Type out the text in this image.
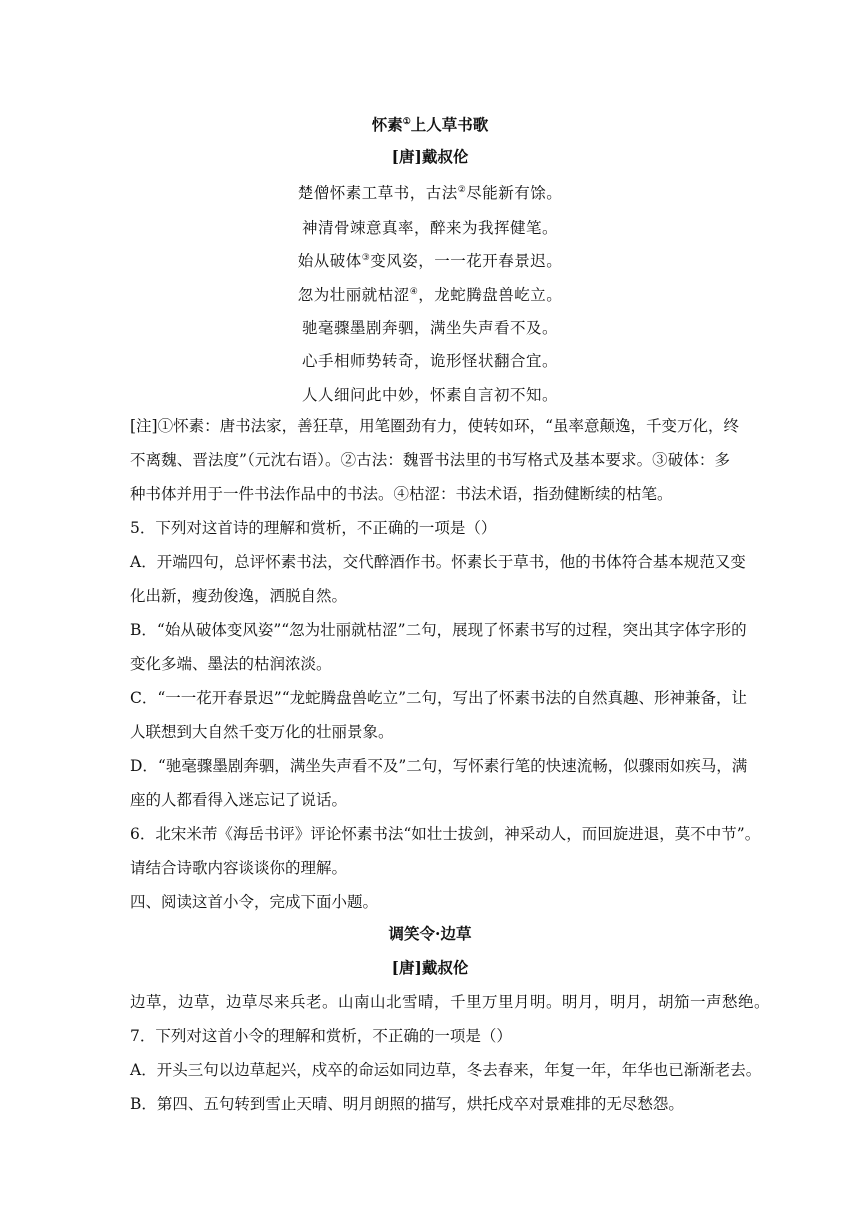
怀素①上人草书歌
[唐]戴叔伦
楚僧怀素工草书，古法②尽能新有馀。
神清骨竦意真率，醉来为我挥健笔。
始从破体③变风姿，一一花开春景迟。
忽为壮丽就枯涩④，龙蛇腾盘兽屹立。
驰毫骤墨剧奔驷，满坐失声看不及。
心手相师势转奇，诡形怪状翻合宜。
人人细问此中妙，怀素自言初不知。
[注]①怀素：唐书法家，善狂草，用笔圈劲有力，使转如环，“虽率意颠逸，千变万化，终
不离魏、晋法度”（元沈右语）。②古法：魏晋书法里的书写格式及基本要求。③破体：多
种书体并用于一件书法作品中的书法。④枯涩：书法术语，指劲健断续的枯笔。
5．下列对这首诗的理解和赏析，不正确的一项是（）
A．开端四句，总评怀素书法，交代醉酒作书。怀素长于草书，他的书体符合基本规范又变
化出新，瘦劲俊逸，洒脱自然。
B．“始从破体变风姿”“忽为壮丽就枯涩”二句，展现了怀素书写的过程，突出其字体字形的
变化多端、墨法的枯润浓淡。
C．“一一花开春景迟”“龙蛇腾盘兽屹立”二句，写出了怀素书法的自然真趣、形神兼备，让
人联想到大自然千变万化的壮丽景象。
D．“驰毫骤墨剧奔驷，满坐失声看不及”二句，写怀素行笔的快速流畅，似骤雨如疾马，满
座的人都看得入迷忘记了说话。
6．北宋米芾《海岳书评》评论怀素书法“如壮士拔剑，神采动人，而回旋进退，莫不中节”。
请结合诗歌内容谈谈你的理解。
四、阅读这首小令，完成下面小题。
调笑令·边草
[唐]戴叔伦
边草，边草，边草尽来兵老。山南山北雪晴，千里万里月明。明月，明月，胡笳一声愁绝。
7．下列对这首小令的理解和赏析，不正确的一项是（）
A．开头三句以边草起兴，戍卒的命运如同边草，冬去春来，年复一年，年华也已渐渐老去。
B．第四、五句转到雪止天晴、明月朗照的描写，烘托戍卒对景难排的无尽愁怨。
